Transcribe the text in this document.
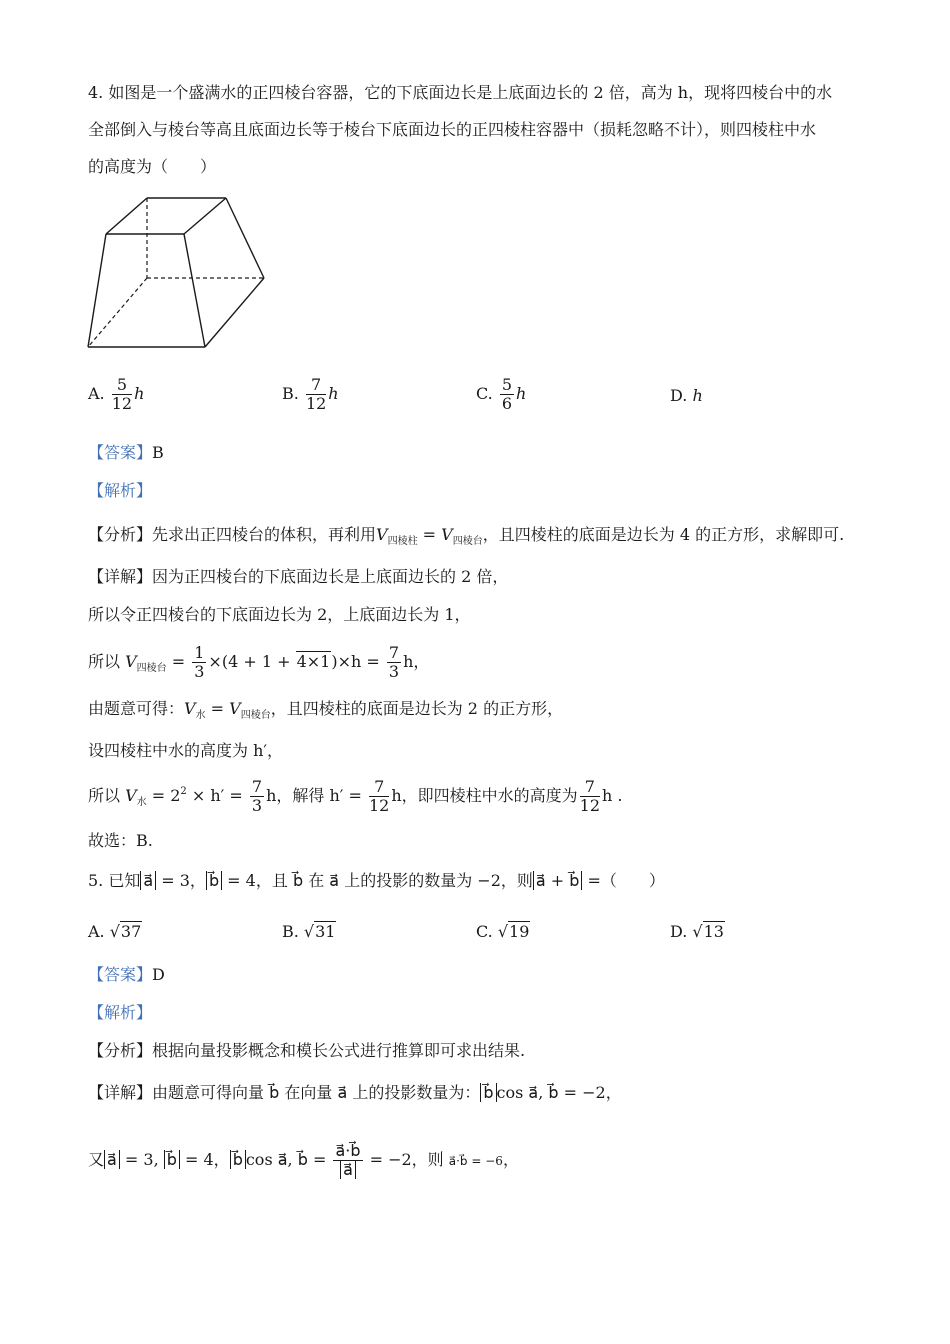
4. 如图是一个盛满水的正四棱台容器，它的下底面边长是上底面边长的 2 倍，高为 h，现将四棱台中的水
全部倒入与棱台等高且底面边长等于棱台下底面边长的正四棱柱容器中（损耗忽略不计），则四棱柱中水
的高度为（　　）
A. $\frac{5}{12}$ h	B. $\frac{7}{12}$ h	C. $\frac{5}{6}$ h	D. h
【答案】B
【解析】
【分析】先求出正四棱台的体积，再利用$V_{四棱柱} = V_{四棱台}$，且四棱柱的底面是边长为 4 的正方形，求解即可.
【详解】因为正四棱台的下底面边长是上底面边长的 2 倍，
所以令正四棱台的下底面边长为 2，上底面边长为 1，
所以 $V_{四棱台} = \frac{1}{3} \times(4 + 1 + 4\times 1)\times h = \frac{7}{3}$ h，
由题意可得：$V_水 = V_{四棱台}$，且四棱柱的底面是边长为 2 的正方形，
设四棱柱中水的高度为 h′，
所以 $V_水 = 2^2 \times h' = \frac{7}{3}$ h，解得 $h' = \frac{7}{12}$ h，即四棱柱中水的高度为 $\frac{7}{12}$ h .
故选：B.
5. 已知 a⃗ = 3， b⃗ = 4，且 b⃗ 在 a⃗ 上的投影的数量为 −2，则 a⃗ + b⃗ =（　　）
A. √37	B. √31	C. √19	D. √13
【答案】D
【解析】
【分析】根据向量投影概念和模长公式进行推算即可求出结果.
【详解】由题意可得向量 b⃗ 在向量 a⃗ 上的投影数量为： b⃗ cos a⃗, b⃗ = −2，
又 a⃗ = 3, b⃗ = 4， b⃗ cos a⃗, b⃗ = $\frac{a⃗\cdot b⃗}{a⃗} = -2$，则 a⃗·b⃗ = −6，
